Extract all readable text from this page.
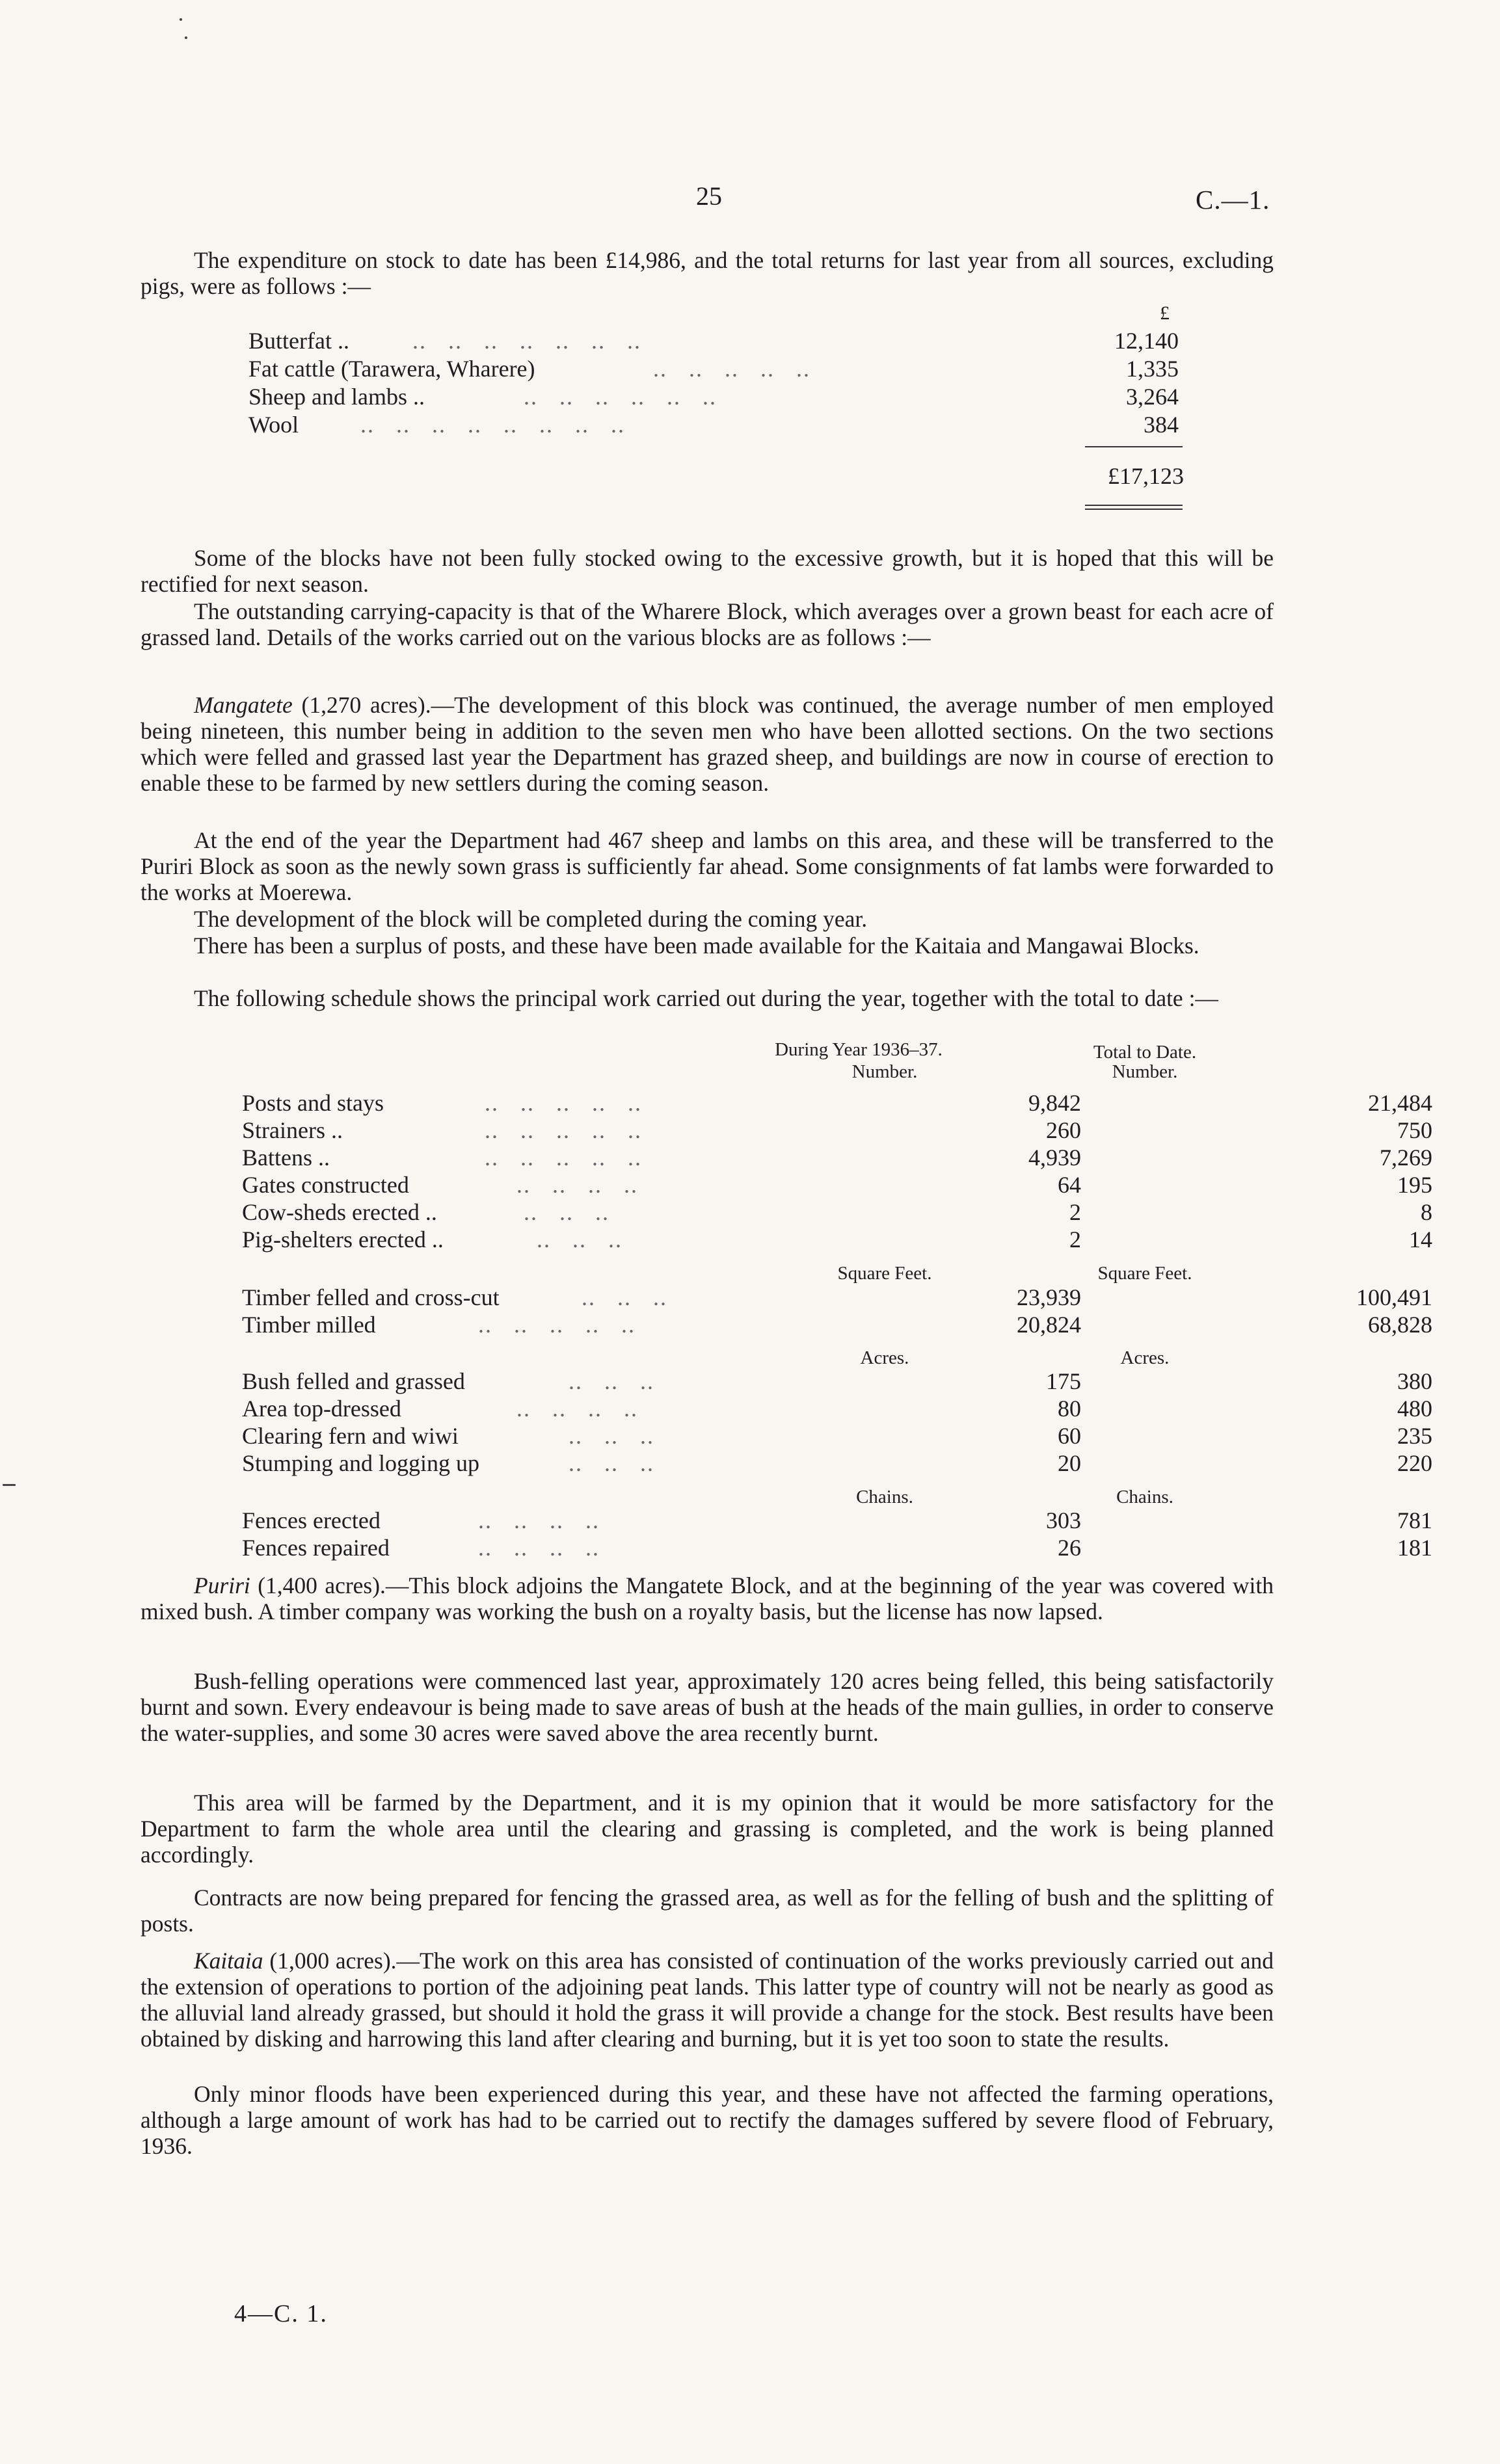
25	C.—1.

The expenditure on stock to date has been £14,986, and the total returns for last year from all sources, excluding pigs, were as follows :—

£
Butterfat .. ..   ..   ..   ..   ..   ..   ..	12,140
Fat cattle (Tarawera, Wharere)	..   ..   ..   ..   ..	1,335
Sheep and lambs ..	..   ..   ..   ..   ..   ..	3,264
Wool ..   ..   ..   ..   ..   ..   ..   ..	384
£17,123

Some of the blocks have not been fully stocked owing to the excessive growth, but it is hoped that this will be rectified for next season.

The outstanding carrying-capacity is that of the Wharere Block, which averages over a grown beast for each acre of grassed land. Details of the works carried out on the various blocks are as follows :—

Mangatete (1,270 acres).—The development of this block was continued, the average number of men employed being nineteen, this number being in addition to the seven men who have been allotted sections. On the two sections which were felled and grassed last year the Department has grazed sheep, and buildings are now in course of erection to enable these to be farmed by new settlers during the coming season.

At the end of the year the Department had 467 sheep and lambs on this area, and these will be transferred to the Puriri Block as soon as the newly sown grass is sufficiently far ahead. Some consignments of fat lambs were forwarded to the works at Moerewa.

The development of the block will be completed during the coming year.

There has been a surplus of posts, and these have been made available for the Kaitaia and Mangawai Blocks.

The following schedule shows the principal work carried out during the year, together with the total to date :—

During Year 1936–37.	Total to Date.
Number.	Number.
Posts and stays	..   ..   ..   ..   ..	9,842	21,484
Strainers ..	..   ..   ..   ..   ..	260	750
Battens ..	..   ..   ..   ..   ..	4,939	7,269
Gates constructed	..   ..   ..   ..	64	195
Cow-sheds erected ..	..   ..   ..	2	8
Pig-shelters erected ..	..   ..   ..	2	14
Square Feet.	Square Feet.
Timber felled and cross-cut	..   ..   ..	23,939	100,491
Timber milled	..   ..   ..   ..   ..	20,824	68,828
Acres.	Acres.
Bush felled and grassed	..   ..   ..	175	380
Area top-dressed	..   ..   ..   ..	80	480
Clearing fern and wiwi	..   ..   ..	60	235
Stumping and logging up	..   ..   ..	20	220
Chains.	Chains.
Fences erected	..   ..   ..   ..	303	781
Fences repaired	..   ..   ..   ..	26	181

Puriri (1,400 acres).—This block adjoins the Mangatete Block, and at the beginning of the year was covered with mixed bush. A timber company was working the bush on a royalty basis, but the license has now lapsed.

Bush-felling operations were commenced last year, approximately 120 acres being felled, this being satisfactorily burnt and sown. Every endeavour is being made to save areas of bush at the heads of the main gullies, in order to conserve the water-supplies, and some 30 acres were saved above the area recently burnt.

This area will be farmed by the Department, and it is my opinion that it would be more satisfactory for the Department to farm the whole area until the clearing and grassing is completed, and the work is being planned accordingly.

Contracts are now being prepared for fencing the grassed area, as well as for the felling of bush and the splitting of posts.

Kaitaia (1,000 acres).—The work on this area has consisted of continuation of the works previously carried out and the extension of operations to portion of the adjoining peat lands. This latter type of country will not be nearly as good as the alluvial land already grassed, but should it hold the grass it will provide a change for the stock. Best results have been obtained by disking and harrowing this land after clearing and burning, but it is yet too soon to state the results.

Only minor floods have been experienced during this year, and these have not affected the farming operations, although a large amount of work has had to be carried out to rectify the damages suffered by severe flood of February, 1936.

4—C. 1.
